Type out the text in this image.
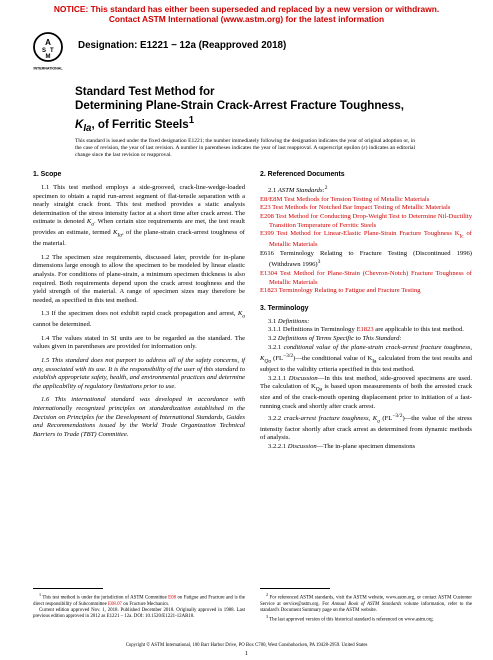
NOTICE: This standard has either been superseded and replaced by a new version or withdrawn.
Contact ASTM International (www.astm.org) for the latest information
A
S T
M
INTERNATIONAL
Designation: E1221 − 12a (Reapproved 2018)
Standard Test Method for
Determining Plane-Strain Crack-Arrest Fracture Toughness,
$K_{Ia}$, of Ferritic Steels$^1$
This standard is issued under the fixed designation E1221; the number immediately following the designation indicates the year of original adoption or, in the case of revision, the year of last revision. A number in parentheses indicates the year of last reapproval. A superscript epsilon (ε) indicates an editorial change since the last revision or reapproval.
1. Scope

1.1 This test method employs a side-grooved, crack-line-wedge-loaded specimen to obtain a rapid run-arrest segment of flat-tensile separation with a nearly straight crack front. This test method provides a static analysis determination of the stress intensity factor at a short time after crack arrest. The estimate is denoted $K_a$. When certain size requirements are met, the test result provides an estimate, termed $K_{Ia}$, of the plane-strain crack-arrest toughness of the material.

1.2 The specimen size requirements, discussed later, provide for in-plane dimensions large enough to allow the specimen to be modeled by linear elastic analysis. For conditions of plane-strain, a minimum specimen thickness is also required. Both requirements depend upon the crack arrest toughness and the yield strength of the material. A range of specimen sizes may therefore be needed, as specified in this test method.

1.3 If the specimen does not exhibit rapid crack propagation and arrest, $K_a$ cannot be determined.

1.4 The values stated in SI units are to be regarded as the standard. The values given in parentheses are provided for information only.

1.5 This standard does not purport to address all of the safety concerns, if any, associated with its use. It is the responsibility of the user of this standard to establish appropriate safety, health, and environmental practices and determine the applicability of regulatory limitations prior to use.

1.6 This international standard was developed in accordance with internationally recognized principles on standardization established in the Decision on Principles for the Development of International Standards, Guides and Recommendations issued by the World Trade Organization Technical Barriers to Trade (TBT) Committee.

2. Referenced Documents

2.1 ASTM Standards:$^2$

E8/E8M Test Methods for Tension Testing of Metallic Materials

E23 Test Methods for Notched Bar Impact Testing of Metallic Materials

E208 Test Method for Conducting Drop-Weight Test to Determine Nil-Ductility Transition Temperature of Ferritic Steels

E399 Test Method for Linear-Elastic Plane-Strain Fracture Toughness $K_{Ic}$ of Metallic Materials

E616 Terminology Relating to Fracture Testing (Discontinued 1996) (Withdrawn 1996)$^3$

E1304 Test Method for Plane-Strain (Chevron-Notch) Fracture Toughness of Metallic Materials

E1823 Terminology Relating to Fatigue and Fracture Testing

3. Terminology

3.1 Definitions:

3.1.1 Definitions in Terminology E1823 are applicable to this test method.

3.2 Definitions of Terms Specific to This Standard:

3.2.1 conditional value of the plane-strain crack-arrest fracture toughness, $K_{Qa}$ $(FL^{-3/2})—the$ conditional value of $K_{Ia}$ calculated from the test results and subject to the validity criteria specified in this test method.

3.2.1.1 Discussion—In this test method, side-grooved specimens are used. The calculation of $K_{Qa}$ is based upon measurements of both the arrested crack size and of the crack-mouth opening displacement prior to initiation of a fast-running crack and shortly after crack arrest.

3.2.2 crack-arrest fracture toughness, $K_a$ $(FL^{-3/2})—the$ value of the stress intensity factor shortly after crack arrest as determined from dynamic methods of analysis.

3.2.2.1 Discussion—The in-plane specimen dimensions

$^1$ This test method is under the jurisdiction of ASTM Committee E08 on Fatigue and Fracture and is the direct responsibility of Subcommittee E08.07 on Fracture Mechanics.

Current edition approved Nov. 1, 2018. Published December 2018. Originally approved in 1988. Last previous edition approved in 2012 as E1221 – 12a. DOI: 10.1520/E1221-12AR18.

$^2$ For referenced ASTM standards, visit the ASTM website, www.astm.org, or contact ASTM Customer Service at service@astm.org. For Annual Book of ASTM Standards volume information, refer to the standard's Document Summary page on the ASTM website.

$^3$ The last approved version of this historical standard is referenced on www.astm.org.

Copyright © ASTM International, 100 Barr Harbor Drive, PO Box C700, West Conshohocken, PA 19428-2959. United States
1
